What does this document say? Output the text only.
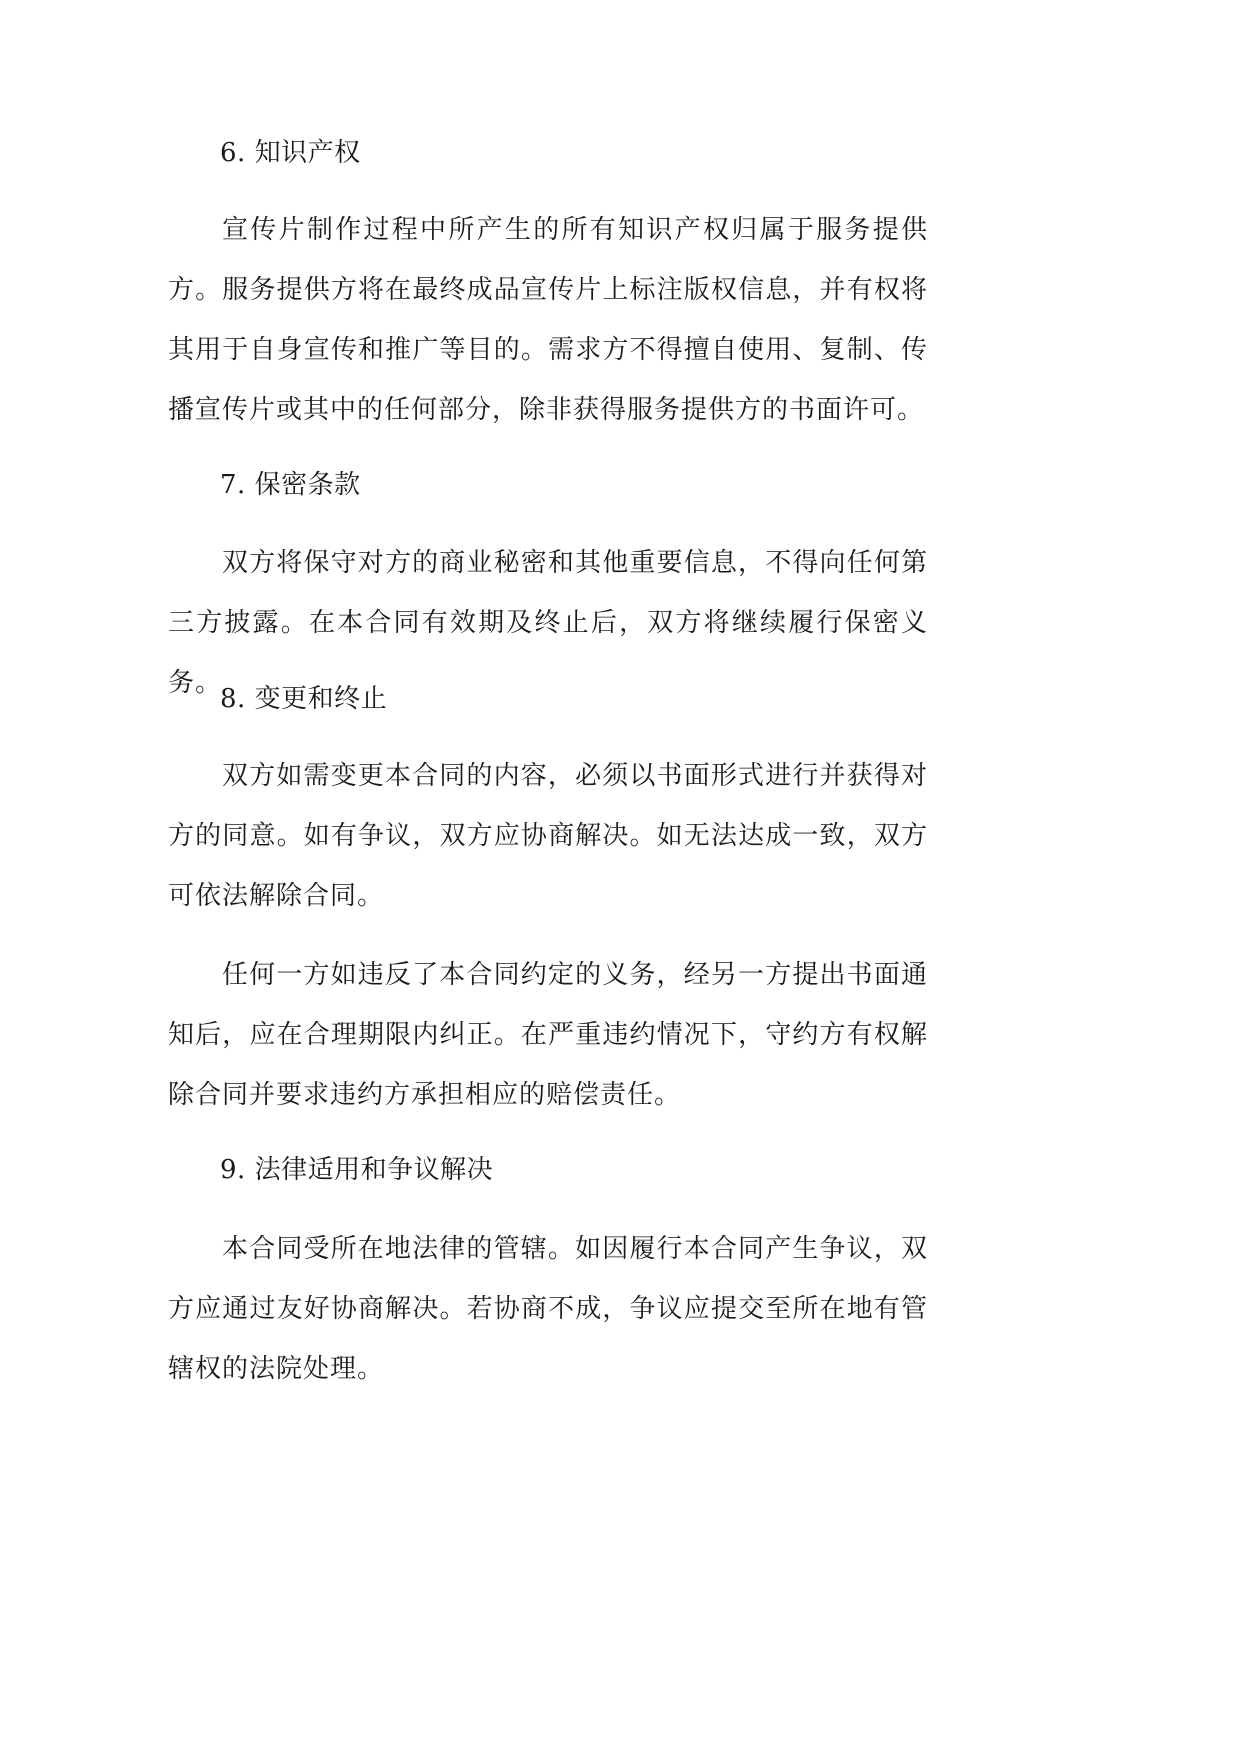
6. 知识产权
宣传片制作过程中所产生的所有知识产权归属于服务提供方。服务提供方将在最终成品宣传片上标注版权信息，并有权将其用于自身宣传和推广等目的。需求方不得擅自使用、复制、传播宣传片或其中的任何部分，除非获得服务提供方的书面许可。
7. 保密条款
双方将保守对方的商业秘密和其他重要信息，不得向任何第三方披露。在本合同有效期及终止后，双方将继续履行保密义务。
8. 变更和终止
双方如需变更本合同的内容，必须以书面形式进行并获得对方的同意。如有争议，双方应协商解决。如无法达成一致，双方可依法解除合同。
任何一方如违反了本合同约定的义务，经另一方提出书面通知后，应在合理期限内纠正。在严重违约情况下，守约方有权解除合同并要求违约方承担相应的赔偿责任。
9. 法律适用和争议解决
本合同受所在地法律的管辖。如因履行本合同产生争议，双方应通过友好协商解决。若协商不成，争议应提交至所在地有管辖权的法院处理。
